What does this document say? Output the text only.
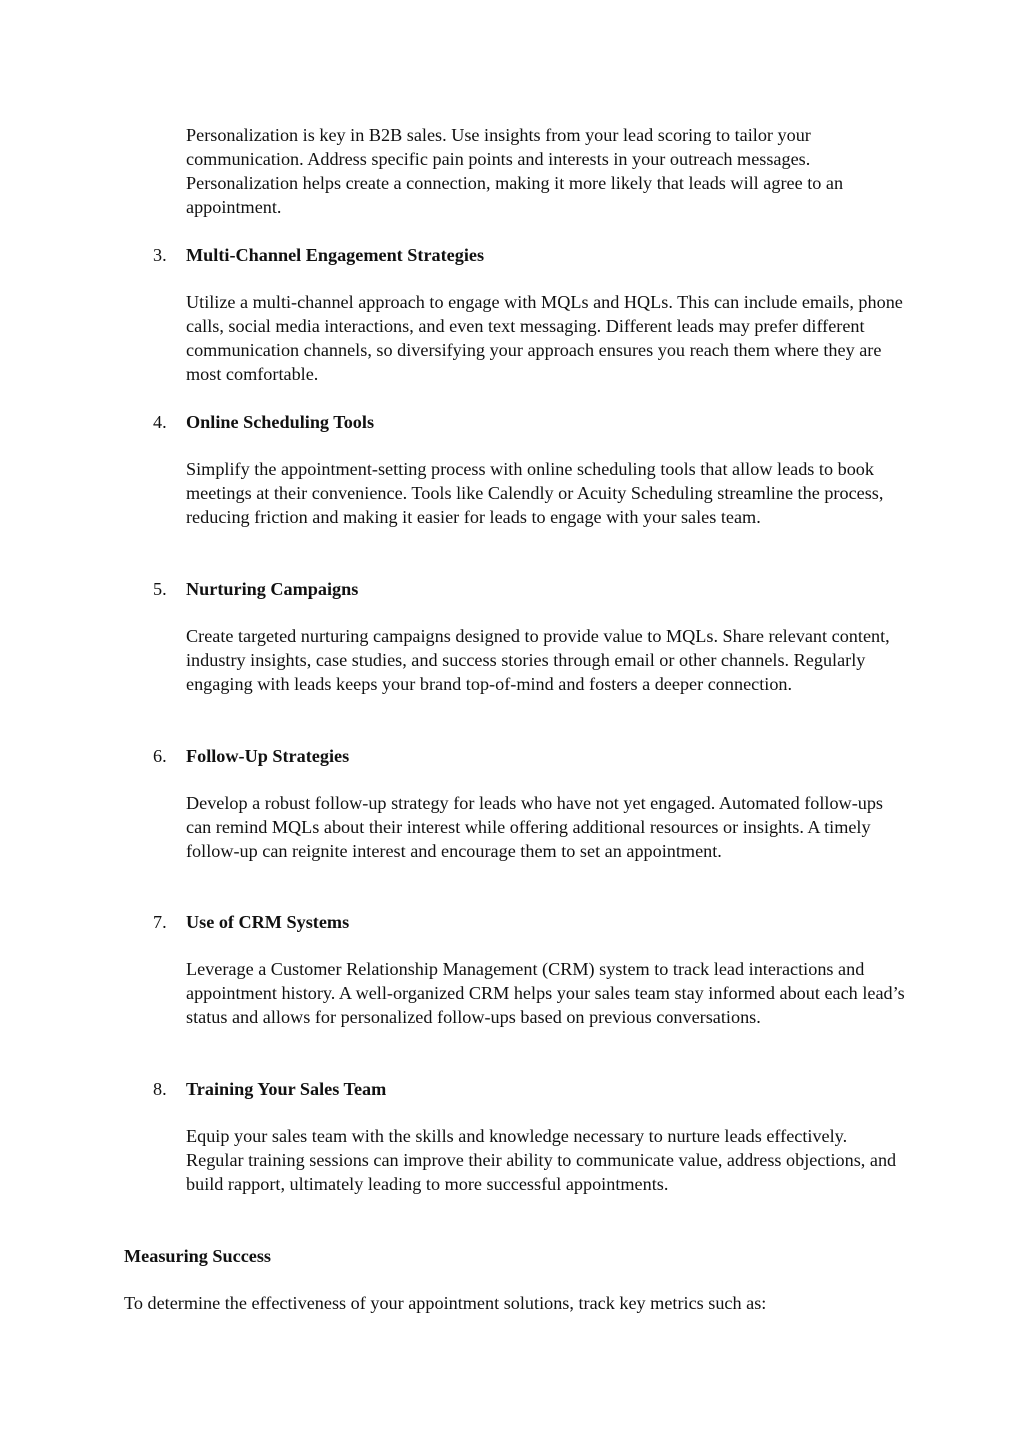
Personalization is key in B2B sales. Use insights from your lead scoring to tailor your communication. Address specific pain points and interests in your outreach messages. Personalization helps create a connection, making it more likely that leads will agree to an appointment.

3. Multi-Channel Engagement Strategies

Utilize a multi-channel approach to engage with MQLs and HQLs. This can include emails, phone calls, social media interactions, and even text messaging. Different leads may prefer different communication channels, so diversifying your approach ensures you reach them where they are most comfortable.

4. Online Scheduling Tools

Simplify the appointment-setting process with online scheduling tools that allow leads to book meetings at their convenience. Tools like Calendly or Acuity Scheduling streamline the process, reducing friction and making it easier for leads to engage with your sales team.

5. Nurturing Campaigns

Create targeted nurturing campaigns designed to provide value to MQLs. Share relevant content, industry insights, case studies, and success stories through email or other channels. Regularly engaging with leads keeps your brand top-of-mind and fosters a deeper connection.

6. Follow-Up Strategies

Develop a robust follow-up strategy for leads who have not yet engaged. Automated follow-ups can remind MQLs about their interest while offering additional resources or insights. A timely follow-up can reignite interest and encourage them to set an appointment.

7. Use of CRM Systems

Leverage a Customer Relationship Management (CRM) system to track lead interactions and appointment history. A well-organized CRM helps your sales team stay informed about each lead’s status and allows for personalized follow-ups based on previous conversations.

8. Training Your Sales Team

Equip your sales team with the skills and knowledge necessary to nurture leads effectively. Regular training sessions can improve their ability to communicate value, address objections, and build rapport, ultimately leading to more successful appointments.

Measuring Success
To determine the effectiveness of your appointment solutions, track key metrics such as:
